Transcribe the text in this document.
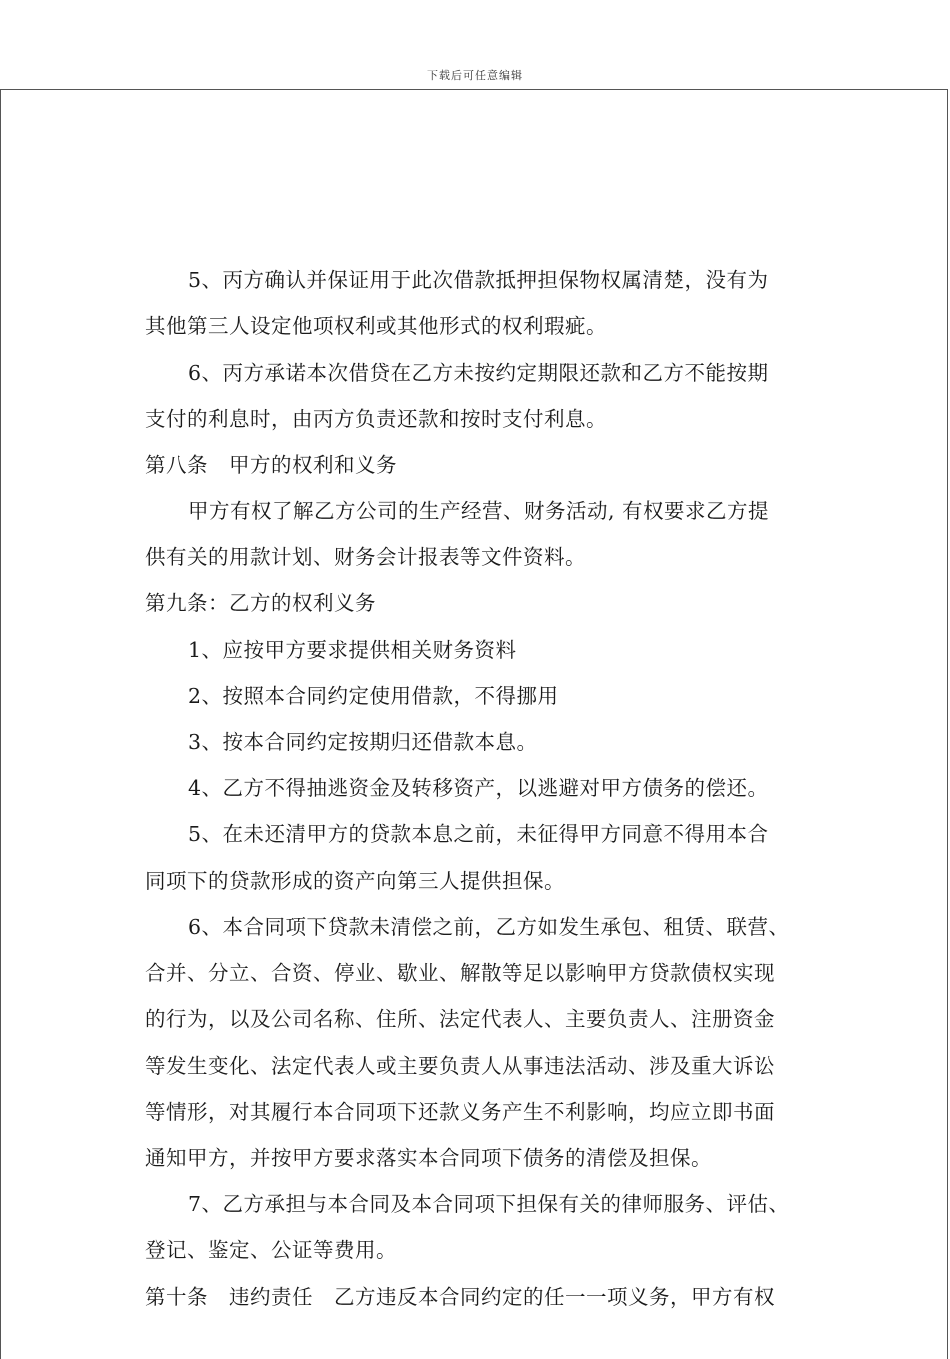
下载后可任意编辑
5、丙方确认并保证用于此次借款抵押担保物权属清楚，没有为
其他第三人设定他项权利或其他形式的权利瑕疵。
6、丙方承诺本次借贷在乙方未按约定期限还款和乙方不能按期
支付的利息时，由丙方负责还款和按时支付利息。
第八条　甲方的权利和义务
甲方有权了解乙方公司的生产经营、财务活动, 有权要求乙方提
供有关的用款计划、财务会计报表等文件资料。
第九条：乙方的权利义务
1、应按甲方要求提供相关财务资料
2、按照本合同约定使用借款，不得挪用
3、按本合同约定按期归还借款本息。
4、乙方不得抽逃资金及转移资产，以逃避对甲方债务的偿还。
5、在未还清甲方的贷款本息之前，未征得甲方同意不得用本合
同项下的贷款形成的资产向第三人提供担保。
6、本合同项下贷款未清偿之前，乙方如发生承包、租赁、联营、
合并、分立、合资、停业、歇业、解散等足以影响甲方贷款债权实现
的行为，以及公司名称、住所、法定代表人、主要负责人、注册资金
等发生变化、法定代表人或主要负责人从事违法活动、涉及重大诉讼
等情形，对其履行本合同项下还款义务产生不利影响，均应立即书面
通知甲方，并按甲方要求落实本合同项下债务的清偿及担保。
7、乙方承担与本合同及本合同项下担保有关的律师服务、评估、
登记、鉴定、公证等费用。
第十条　违约责任　乙方违反本合同约定的任一一项义务，甲方有权
